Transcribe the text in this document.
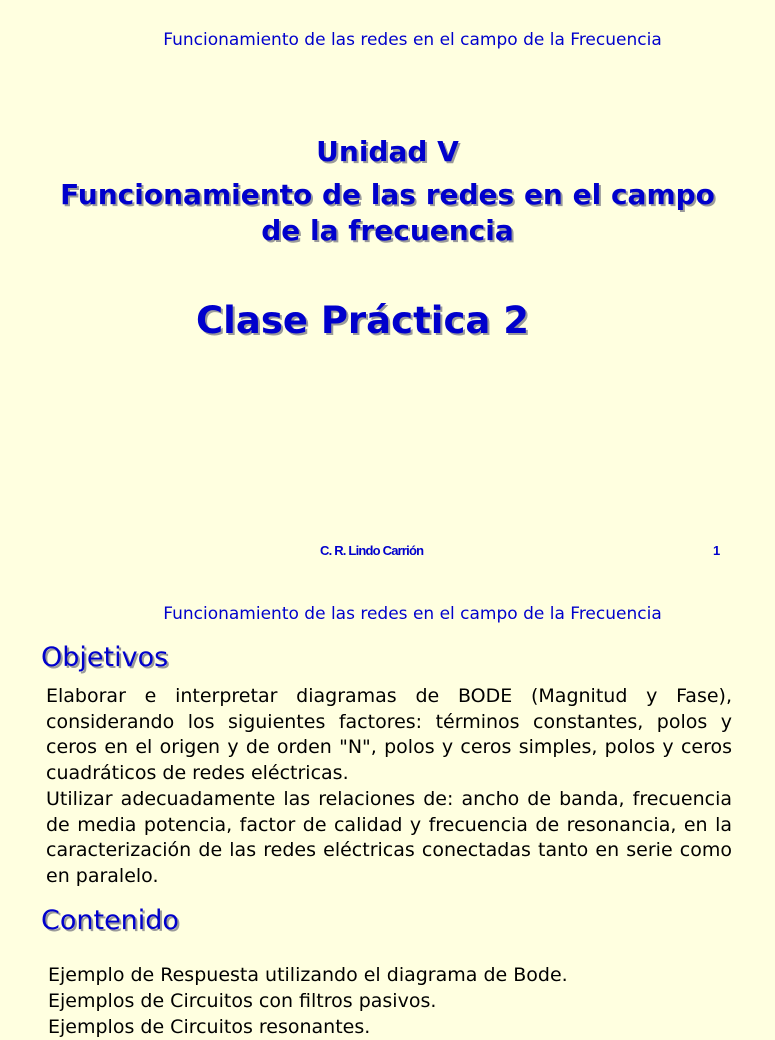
Funcionamiento de las redes en el campo de la Frecuencia
Unidad V
Funcionamiento de las redes en el campo de la frecuencia
Clase Práctica 2
C. R. Lindo Carrión	1
Funcionamiento de las redes en el campo de la Frecuencia
Objetivos

Elaborar e interpretar diagramas de BODE (Magnitud y Fase), considerando los siguientes factores: términos constantes, polos y ceros en el origen y de orden "N", polos y ceros simples, polos y ceros cuadráticos de redes eléctricas.

Utilizar adecuadamente las relaciones de: ancho de banda, frecuencia de media potencia, factor de calidad y frecuencia de resonancia, en la caracterización de las redes eléctricas conectadas tanto en serie como en paralelo.

Contenido
Ejemplo de Respuesta utilizando el diagrama de Bode.
Ejemplos de Circuitos con filtros pasivos.
Ejemplos de Circuitos resonantes.
